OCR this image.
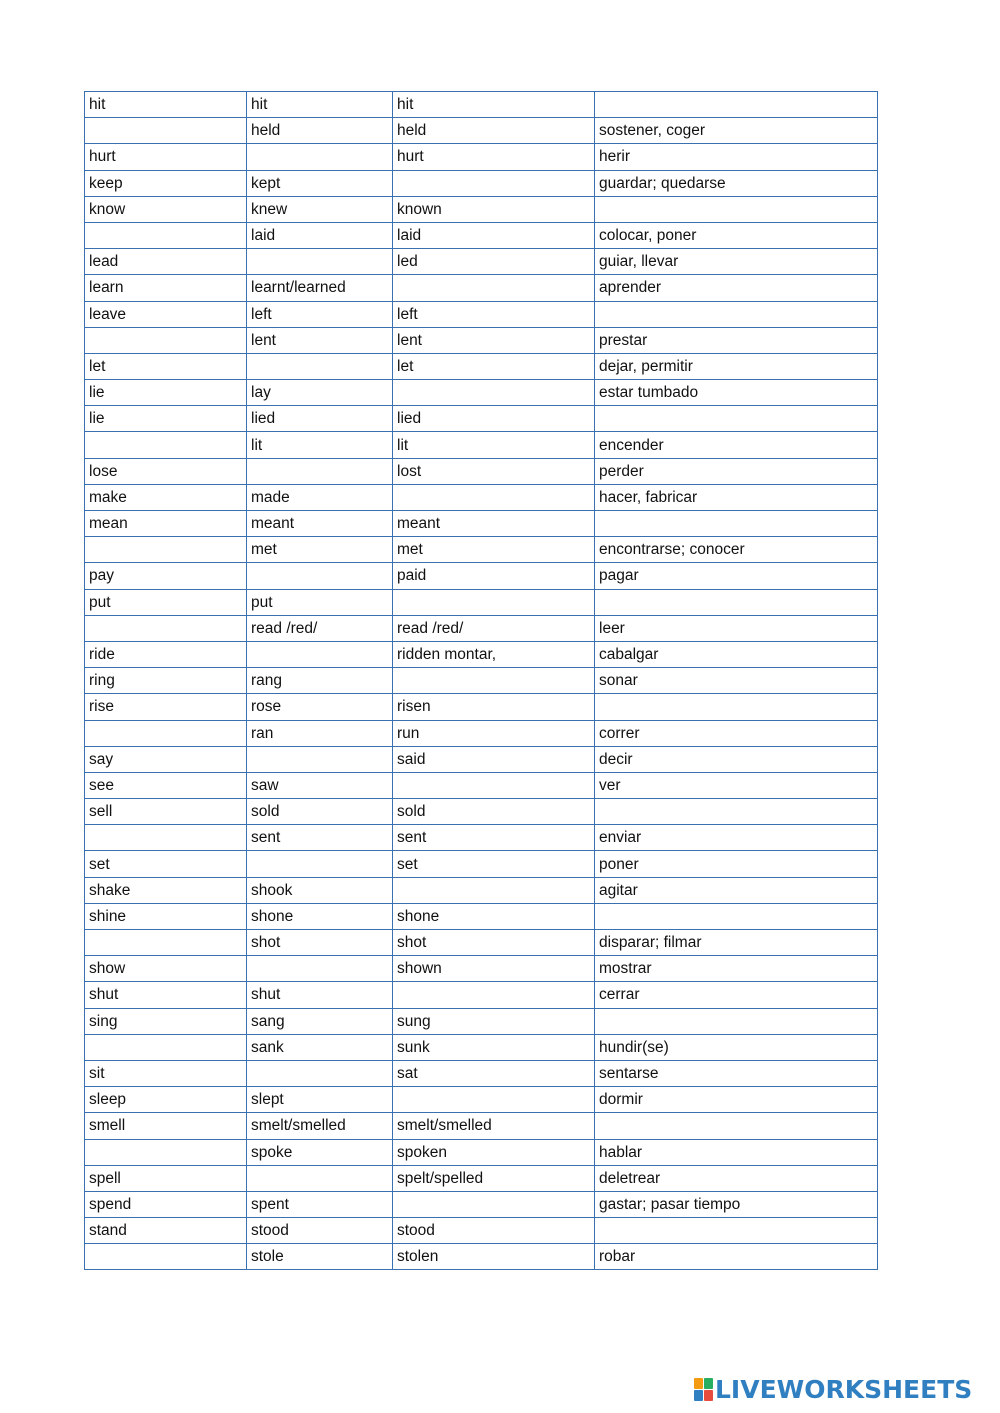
hit	hit	hit	
	held	held	sostener, coger
hurt		hurt	herir
keep	kept		guardar; quedarse
know	knew	known	
	laid	laid	colocar, poner
lead		led	guiar, llevar
learn	learnt/learned		aprender
leave	left	left	
	lent	lent	prestar
let		let	dejar, permitir
lie	lay		estar tumbado
lie	lied	lied	
	lit	lit	encender
lose		lost	perder
make	made		hacer, fabricar
mean	meant	meant	
	met	met	encontrarse; conocer
pay		paid	pagar
put	put		
	read /red/	read /red/	leer
ride		ridden montar,	cabalgar
ring	rang		sonar
rise	rose	risen	
	ran	run	correr
say		said	decir
see	saw		ver
sell	sold	sold	
	sent	sent	enviar
set		set	poner
shake	shook		agitar
shine	shone	shone	
	shot	shot	disparar; filmar
show		shown	mostrar
shut	shut		cerrar
sing	sang	sung	
	sank	sunk	hundir(se)
sit		sat	sentarse
sleep	slept		dormir
smell	smelt/smelled	smelt/smelled	
	spoke	spoken	hablar
spell		spelt/spelled	deletrear
spend	spent		gastar; pasar tiempo
stand	stood	stood	
	stole	stolen	robar
LIVEWORKSHEETS
